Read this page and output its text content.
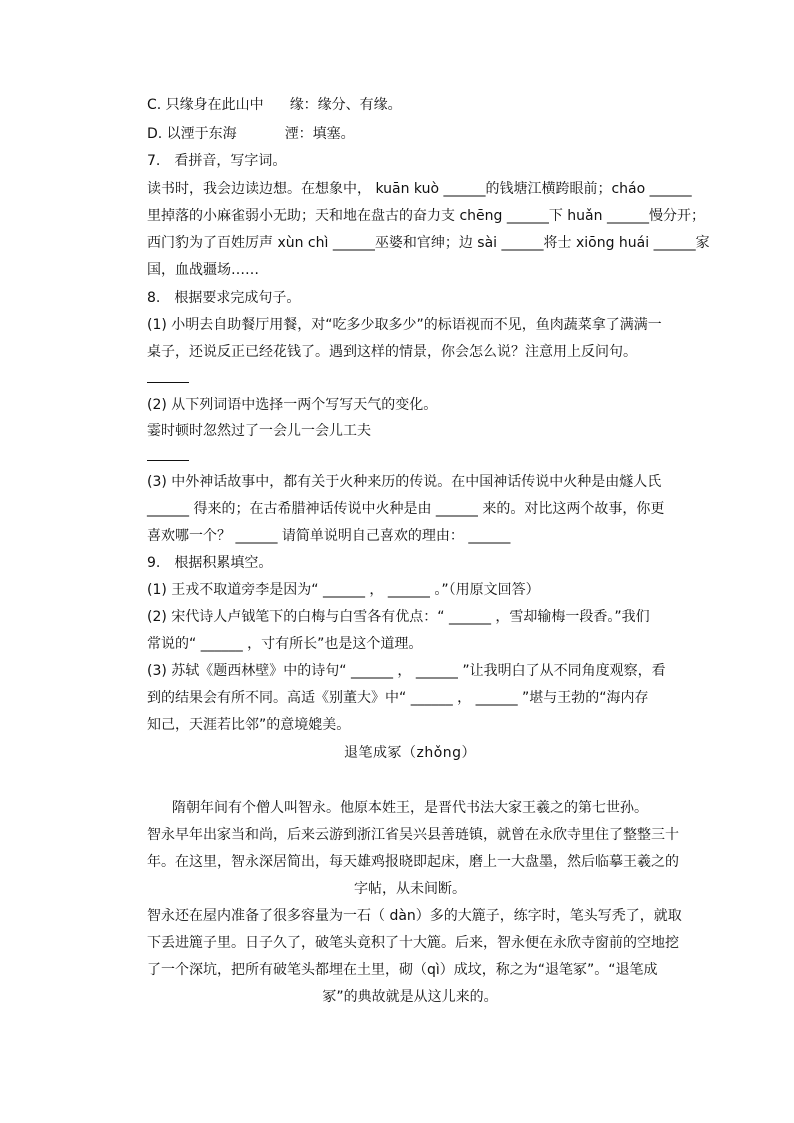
C. 只缘身在此山中 缘：缘分、有缘。
D. 以湮于东海	湮：填塞。
7.　看拼音，写字词。
读书时，我会边读边想。在想象中， kuān kuò ______的钱塘江横跨眼前；cháo ______
里掉落的小麻雀弱小无助；天和地在盘古的奋力支 chēng ______下 huǎn ______慢分开；
西门豹为了百姓厉声 xùn chì ______巫婆和官绅；边 sài ______将士 xiōng huái ______家
国，血战疆场……
8.　根据要求完成句子。
(1) 小明去自助餐厅用餐，对“吃多少取多少”的标语视而不见，鱼肉蔬菜拿了满满一
桌子，还说反正已经花钱了。遇到这样的情景，你会怎么说？注意用上反问句。
(2) 从下列词语中选择一两个写写天气的变化。
霎时顿时忽然过了一会儿一会儿工夫
(3) 中外神话故事中，都有关于火种来历的传说。在中国神话传说中火种是由燧人氏
______ 得来的；在古希腊神话传说中火种是由 ______ 来的。对比这两个故事，你更
喜欢哪一个？ ______ 请简单说明自己喜欢的理由： ______
9.　根据积累填空。
(1) 王戎不取道旁李是因为“ ______ ， ______ 。”（用原文回答）
(2) 宋代诗人卢钺笔下的白梅与白雪各有优点：“ ______ ，雪却输梅一段香。”我们
常说的“ ______ ，寸有所长”也是这个道理。
(3) 苏轼《题西林壁》中的诗句“ ______ ， ______ ”让我明白了从不同角度观察，看
到的结果会有所不同。高适《别董大》中“ ______ ， ______ ”堪与王勃的“海内存
知己，天涯若比邻”的意境媲美。
退笔成冢（zhǒng）
隋朝年间有个僧人叫智永。他原本姓王，是晋代书法大家王羲之的第七世孙。
智永早年出家当和尚，后来云游到浙江省吴兴县善琏镇，就曾在永欣寺里住了整整三十
年。在这里，智永深居简出，每天雄鸡报晓即起床，磨上一大盘墨，然后临摹王羲之的
字帖，从未间断。
智永还在屋内准备了很多容量为一石（ dàn）多的大簏子，练字时，笔头写秃了，就取
下丢进簏子里。日子久了，破笔头竟积了十大簏。后来，智永便在永欣寺窗前的空地挖
了一个深坑，把所有破笔头都埋在土里，砌（qì）成坟，称之为“退笔冢”。“退笔成
冢”的典故就是从这儿来的。
